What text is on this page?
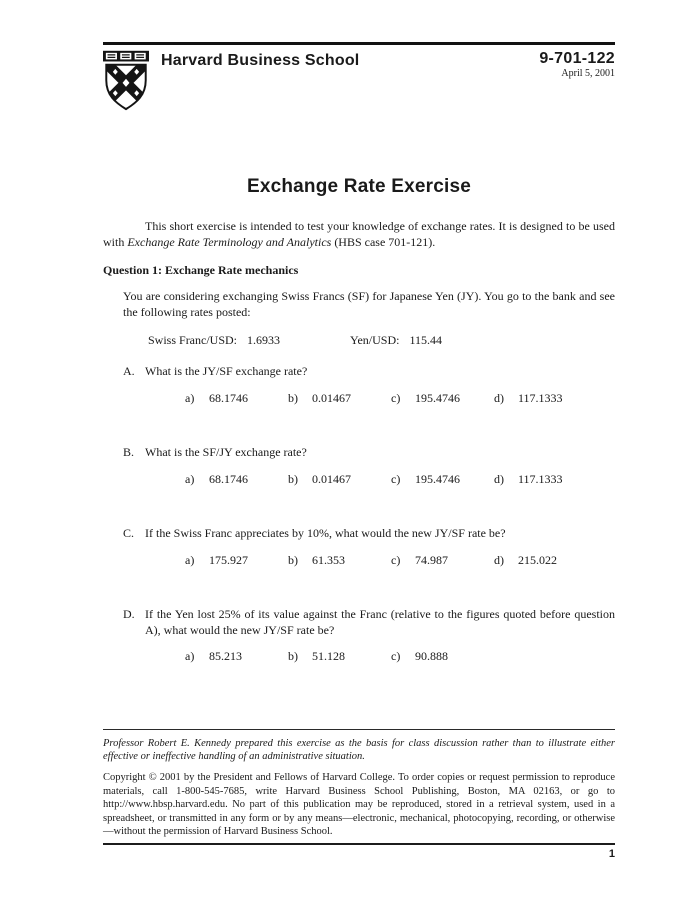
Harvard Business School	9-701-122
April 5, 2001
Exchange Rate Exercise

This short exercise is intended to test your knowledge of exchange rates. It is designed to be used with Exchange Rate Terminology and Analytics (HBS case 701-121).

Question 1: Exchange Rate mechanics

You are considering exchanging Swiss Francs (SF) for Japanese Yen (JY). You go to the bank and see the following rates posted:

Swiss Franc/USD: 1.6933	Yen/USD: 115.44
A. What is the JY/SF exchange rate?
a)	68.1746	b)	0.01467	c)	195.4746	d)	117.1333
B. What is the SF/JY exchange rate?
a)	68.1746	b)	0.01467	c)	195.4746	d)	117.1333
C. If the Swiss Franc appreciates by 10%, what would the new JY/SF rate be?
a)	175.927	b)	61.353	c)	74.987	d)	215.022
D. If the Yen lost 25% of its value against the Franc (relative to the figures quoted before question A), what would the new JY/SF rate be?
a)	85.213	b)	51.128	c)	90.888

Professor Robert E. Kennedy prepared this exercise as the basis for class discussion rather than to illustrate either effective or ineffective handling of an administrative situation.

Copyright © 2001 by the President and Fellows of Harvard College. To order copies or request permission to reproduce materials, call 1-800-545-7685, write Harvard Business School Publishing, Boston, MA 02163, or go to http://www.hbsp.harvard.edu. No part of this publication may be reproduced, stored in a retrieval system, used in a spreadsheet, or transmitted in any form or by any means—electronic, mechanical, photocopying, recording, or otherwise—without the permission of Harvard Business School.

1
